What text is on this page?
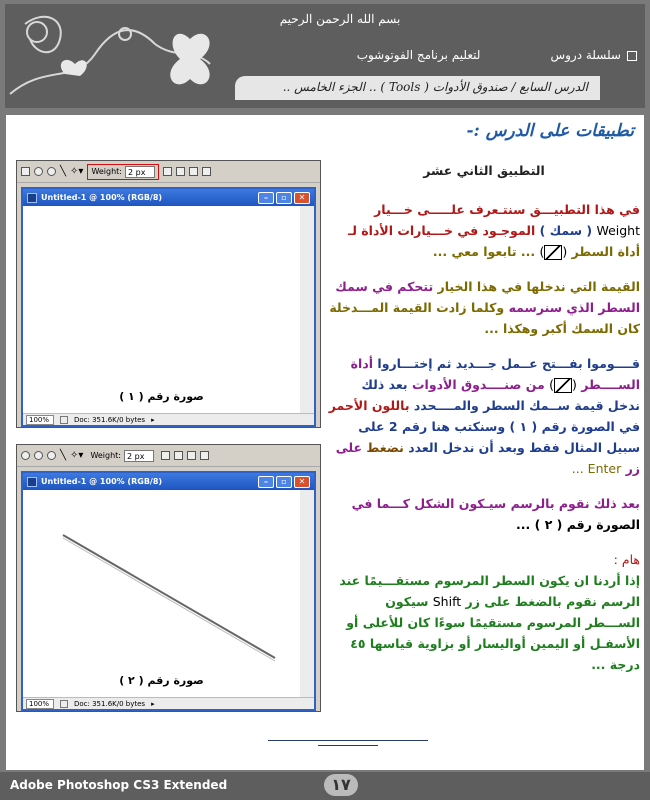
بسم الله الرحمن الرحيم
سلسلة دروس
لتعليم برنامج الفوتوشوب
الدرس السابع / صندوق الأدوات ( Tools ) .. الجزء الخامس ..
تطبيقات على الدرس :-
╲ ✧▾ Weight: 2 px
Untitled-1 @ 100% (RGB/8)	–	▫	✕
صورة رقم ( ١ )
100%	Doc: 351.6K/0 bytes ▸
╲ ✧▾ Weight: 2 px
Untitled-1 @ 100% (RGB/8)	–	▫	✕
صورة رقم ( ٢ )
100%	Doc: 351.6K/0 bytes ▸
التطبيق الثاني عشر
في هذا التطبيـــق سنتـعرف علـــــى خـــيار Weight ( سمك ) الموجـود في خـــيارات الأداة لـ أداة السطر () ... تابعوا معي ...
القيمة التي ندخلها في هذا الخيار تتحكم في سمك السطر الذي سنرسمه وكلما زادت القيمة المـــدخلة كان السمك أكبر وهكذا ...
قــــوموا بفـــتح عــمل جـــديد ثم إختـــاروا أداة الســــطر () من صنــــدوق الأدوات بعد ذلك ندخل قيمة ســمك السطر والمــــحدد باللون الأحمر في الصورة رقم ( ١ ) وسنكتب هنا رقم 2 على سبيل المثال فقط وبعد أن ندخل العدد نضغط على زر Enter ...
بعد ذلك نقوم بالرسم سيـكون الشكل كـــما في الصورة رقم ( ٢ ) ...
هام :
إذا أردنا ان يكون السطر المرسوم مستقـــيمًا عند الرسم نقوم بالضغط على زر Shift سيكون الســـطر المرسوم مستقيمًا سوءًا كان للأعلى أو الأسفـل أو اليمين أواليسار أو بزاوية قياسها ٤٥ درجة ...
Adobe Photoshop CS3 Extended	١٧
